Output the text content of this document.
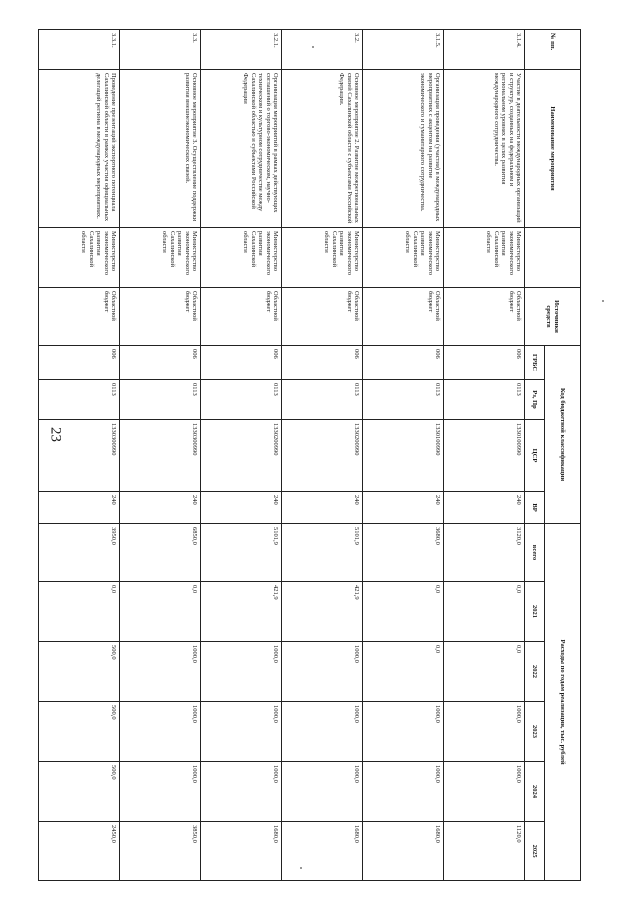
23
№ пп.	Наименование мероприятия		Источники средств	Код бюджетной классификации				Расходы по годам реализации, тыс. рублей					
				ГРБС	Рз, Пр	ЦСР	ВР	всего	2021	2022	2023	2024	2025
3.1.4.	Участие в деятельности международных организаций и структур, созданных на федеральном и региональном уровнях в целях развития международного сотрудничества.	Министерство экономического развития Сахалинской области	Областной бюджет	006	0113	1330100990	240	3120,0	0,0	0,0	1000,0	1000,0	1120,0
3.1.5.	Организация проведения (участия) в международных мероприятиях с акцентом на развитие экономического и гуманитарного сотрудничества.	Министерство экономического развития Сахалинской области	Областной бюджет	006	0113	1330100990	240	3680,0	0,0	0,0	1000,0	1000,0	1680,0
3.2.	Основное мероприятие 2. Развитие межрегиональных связей Сахалинской области с субъектами Российской Федерации.	Министерство экономического развития Сахалинской области	Областной бюджет	006	0113	1330200990	240	5101,9	421,9	1000,0	1000,0	1000,0	1680,0
3.2.1.	Организация мероприятий в рамках действующих соглашений о торгово-экономическом, научно-техническом и культурном сотрудничестве между Сахалинской областью и субъектами Российской Федерации	Министерство экономического развития Сахалинской области	Областной бюджет	006	0113	1330200990	240	5101,9	421,9	1000,0	1000,0	1000,0	1680,0
3.3.	Основное мероприятие 3. Осуществление поддержки развития внешнеэкономических связей.	Министерство экономического развития Сахалинской области	Областной бюджет	006	0113	1330300990	240	6850,0	0,0	1000,0	1000,0	1000,0	3850,0
3.3.1.	Проведение презентаций экспортного потенциала Сахалинской области в рамках участия официальных делегаций региона в международных мероприятиях.	Министерство экономического развития Сахалинской области	Областной бюджет	006	0113	1330300990	240	3950,0	0,0	500,0	500,0	500,0	2450,0
